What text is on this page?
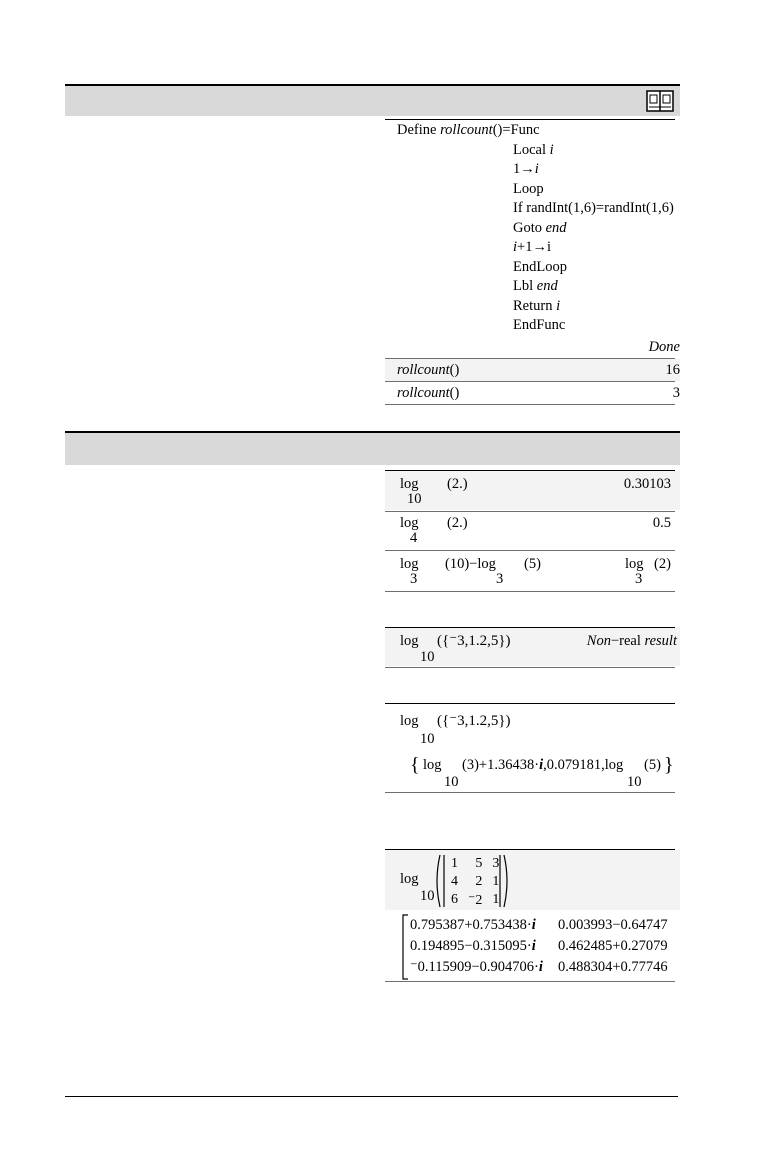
Define rollcount()=Func
Local i
1→i
Loop
If randInt(1,6)=randInt(1,6)
Goto end
i+1→i
EndLoop
Lbl end
Return i
EndFunc
Done
rollcount()	16
rollcount()	3
log
10
(2.)	0.30103
log
4
(2.)	0.5
log
3
(10)−log
3
(5)	log
3
(2)
log
10
({⁻3,1.2,5})	Non−real result
log
10
({⁻3,1.2,5})
{ log
10
(3)+1.36438·i,0.079181,log
10
(5) }
log
10
1	5	3
4	2	1
6	⁻2	1
0.795387+0.753438·i 0.003993−0.64747
0.194895−0.315095·i 0.462485+0.27079
⁻0.115909−0.904706·i 0.488304+0.77746
